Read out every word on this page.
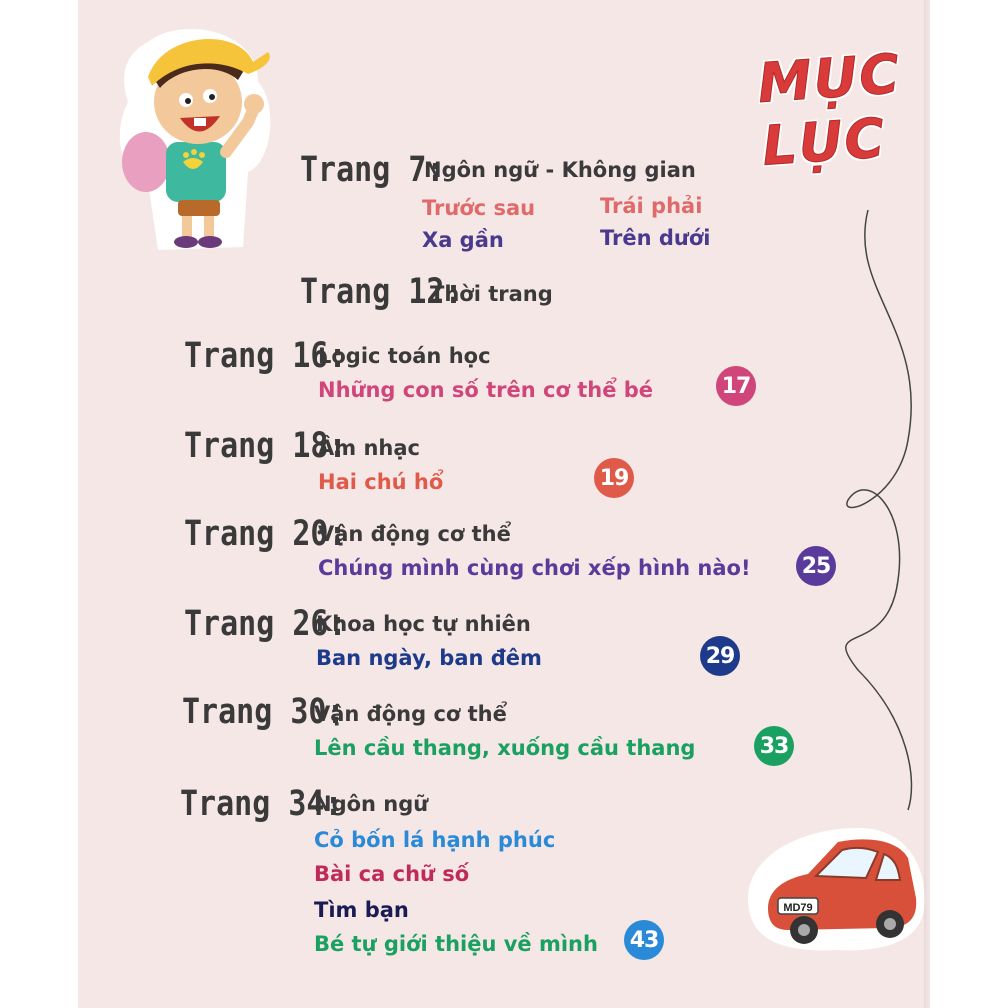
MỤC LỤC
MD79
Trang 7:
Ngôn ngữ - Không gian
Trước sau	Trái phải
Xa gần	Trên dưới
Trang 12:
Thời trang
Trang 16:
Logic toán học
Những con số trên cơ thể bé	17
Trang 18:
Âm nhạc
Hai chú hổ	19
Trang 20:
Vận động cơ thể
Chúng mình cùng chơi xếp hình nào! 25
Trang 26:
Khoa học tự nhiên
Ban ngày, ban đêm	29
Trang 30:
Vận động cơ thể
Lên cầu thang, xuống cầu thang	33
Trang 34:
Ngôn ngữ
Cỏ bốn lá hạnh phúc
Bài ca chữ số
Tìm bạn
Bé tự giới thiệu về mình 43
